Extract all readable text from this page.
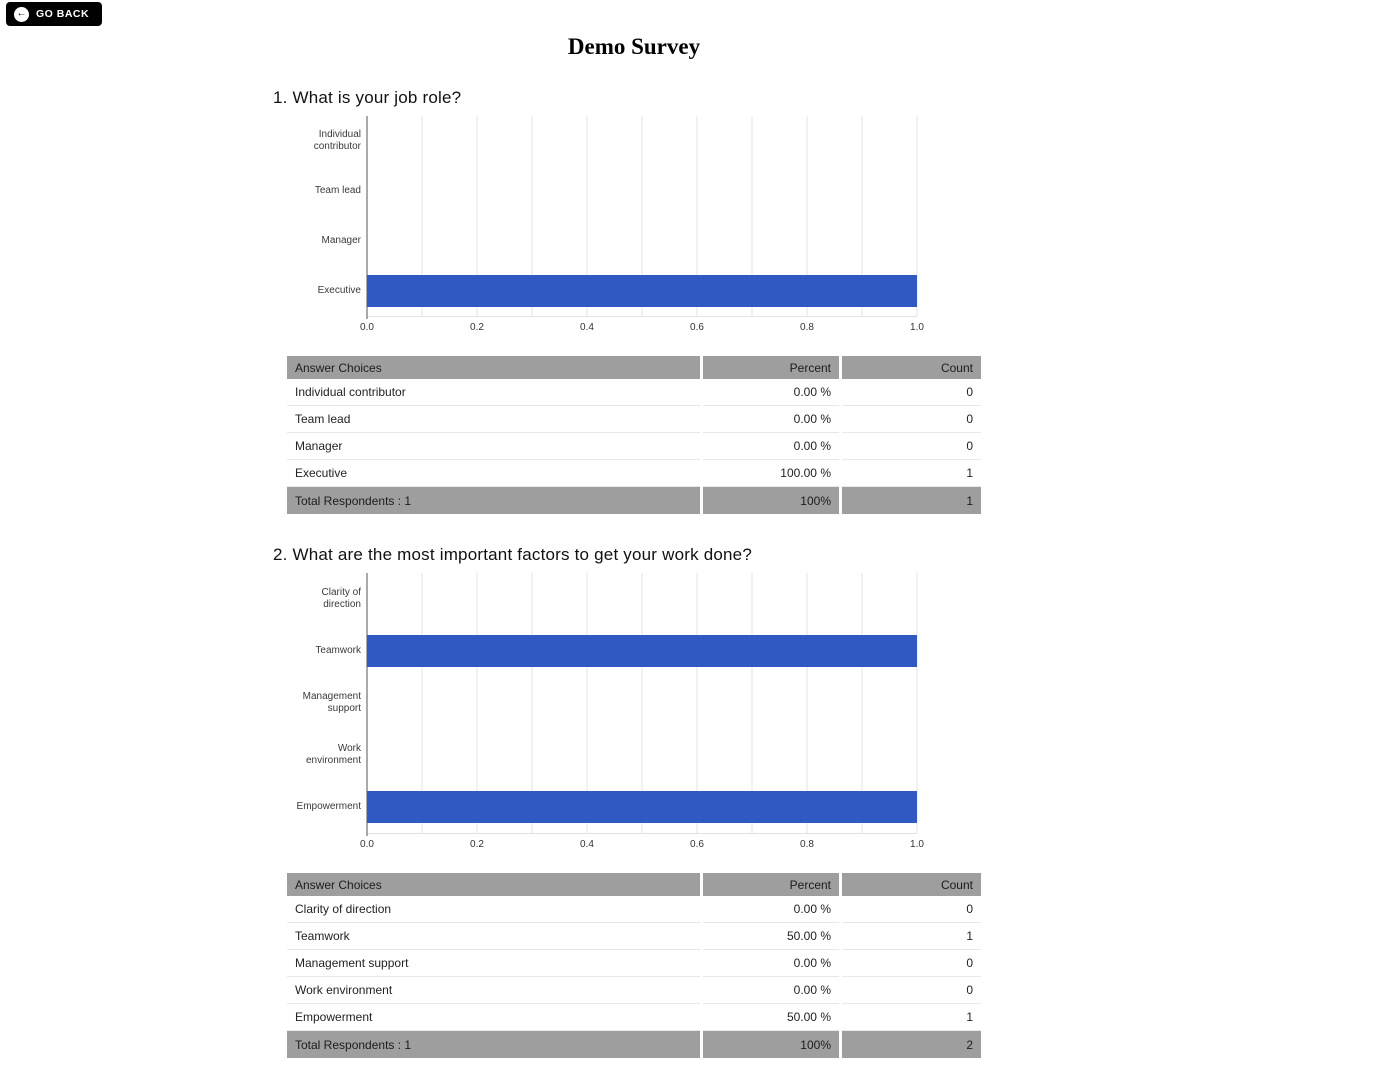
← GO BACK
Demo Survey
1. What is your job role?
Individual contributor
Team lead
Manager
Executive
0.0	0.2	0.4	0.6	0.8	1.0
Answer Choices	Percent	Count
Individual contributor	0.00 %	0
Team lead	0.00 %	0
Manager	0.00 %	0
Executive	100.00 %	1
Total Respondents : 1	100%	1
2. What are the most important factors to get your work done?
Clarity of direction
Teamwork
Management support
Work environment
Empowerment
0.0	0.2	0.4	0.6	0.8	1.0
Answer Choices	Percent	Count
Clarity of direction	0.00 %	0
Teamwork	50.00 %	1
Management support	0.00 %	0
Work environment	0.00 %	0
Empowerment	50.00 %	1
Total Respondents : 1	100%	2
